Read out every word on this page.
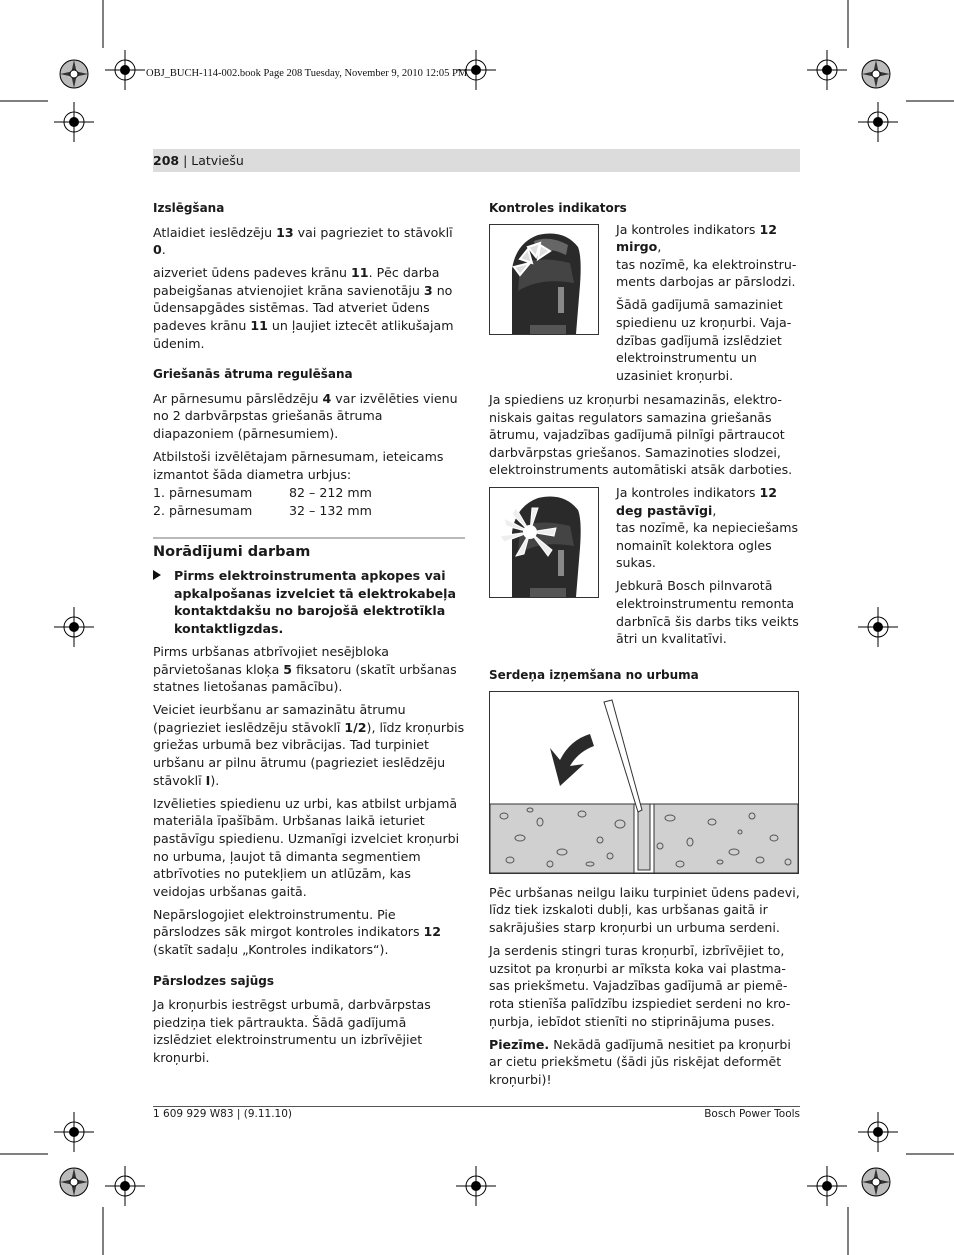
OBJ_BUCH-114-002.book Page 208 Tuesday, November 9, 2010 12:05 PM
208 | Latviešu
Izslēgšana

Atlaidiet ieslēdzēju 13 vai pagrieziet to stāvoklī 0.

aizveriet ūdens padeves krānu 11. Pēc darba pabeigšanas atvienojiet krāna savienotāju 3 no ūdensapgādes sistēmas. Tad atveriet ūdens padeves krānu 11 un ļaujiet iztecēt atlikušajam ūdenim.

Griešanās ātruma regulēšana

Ar pārnesumu pārslēdzēju 4 var izvēlēties vienu no 2 darbvārpstas griešanās ātruma diapazoniem (pārnesumiem).

Atbilstoši izvēlētajam pārnesumam, ieteicams izmantot šāda diametra urbjus:

1. pārnesumam	82 – 212 mm
2. pārnesumam	32 – 132 mm
Norādījumi darbam

Pirms elektroinstrumenta apkopes vai apkalpošanas izvelciet tā elektrokabeļa kontaktdakšu no barojošā elektrotīkla kontaktligzdas.

Pirms urbšanas atbrīvojiet nesējbloka pārvietošanas kloķa 5 fiksatoru (skatīt urbšanas statnes lietošanas pamācību).

Veiciet ieurbšanu ar samazinātu ātrumu (pagrieziet ieslēdzēju stāvoklī 1/2), līdz kroņurbis griežas urbumā bez vibrācijas. Tad turpiniet urbšanu ar pilnu ātrumu (pagrieziet ieslēdzēju stāvoklī I).

Izvēlieties spiedienu uz urbi, kas atbilst urbjamā materiāla īpašībām. Urbšanas laikā ieturiet pastāvīgu spiedienu. Uzmanīgi izvelciet kroņurbi no urbuma, ļaujot tā dimanta segmentiem atbrīvoties no putekļiem un atlūzām, kas veidojas urbšanas gaitā.

Nepārslogojiet elektroinstrumentu. Pie pārslodzes sāk mirgot kontroles indikators 12 (skatīt sadaļu „Kontroles indikators“).

Pārslodzes sajūgs

Ja kroņurbis iestrēgst urbumā, darbvārpstas piedziņa tiek pārtraukta. Šādā gadījumā izslēdziet elektroinstrumentu un izbrīvējiet kroņurbi.

Kontroles indikators

Ja kontroles indikators 12 mirgo,

tas nozīmē, ka elektroinstruments darbojas ar pārslodzi.

Šādā gadījumā samaziniet spiedienu uz kroņurbi. Vajadzības gadījumā izslēdziet elektroinstrumentu un uzasiniet kroņurbi.

Ja spiediens uz kroņurbi nesamazinās, elektroniskais gaitas regulators samazina griešanās ātrumu, vajadzības gadījumā pilnīgi pārtraucot darbvārpstas griešanos. Samazinoties slodzei, elektroinstruments automātiski atsāk darboties.

Ja kontroles indikators 12 deg pastāvīgi,

tas nozīmē, ka nepieciešams nomainīt kolektora ogles sukas.

Jebkurā Bosch pilnvarotā elektroinstrumentu remonta darbnīcā šis darbs tiks veikts ātri un kvalitatīvi.

Serdeņa izņemšana no urbuma

Pēc urbšanas neilgu laiku turpiniet ūdens padevi, līdz tiek izskaloti dubļi, kas urbšanas gaitā ir sakrājušies starp kroņurbi un urbuma serdeni.

Ja serdenis stingri turas kroņurbī, izbrīvējiet to, uzsitot pa kroņurbi ar mīksta koka vai plastmasas priekšmetu. Vajadzības gadījumā ar piemērota stienīša palīdzību izspiediet serdeni no kroņurbja, iebīdot stienīti no stiprinājuma puses.

Piezīme. Nekādā gadījumā nesitiet pa kroņurbi ar cietu priekšmetu (šādi jūs riskējat deformēt kroņurbi)!

1 609 929 W83 | (9.11.10)	Bosch Power Tools
